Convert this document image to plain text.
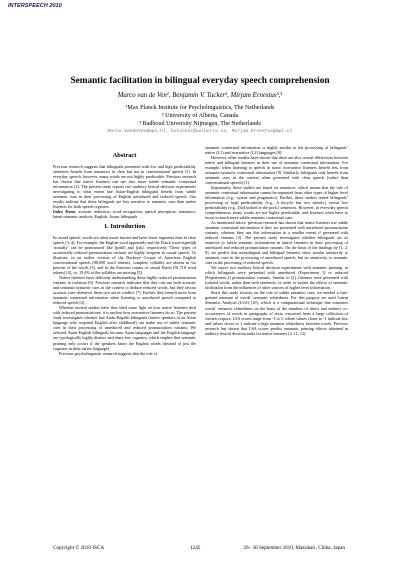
INTERSPEECH 2010
Semantic facilitation in bilingual everyday speech comprehension
Marco van de Ven¹, Benjamin V. Tucker², Mirjam Ernestus³,¹
¹Max Planck Institute for Psycholinguistics, The Netherlands
² University of Alberta, Canada
³ Radboud University Nijmegen, The Netherlands
Marco.VandeVen@mpi.nl, bvtucker@ualberta.ca, Mirjam.Ernestus@mpi.nl
Abstract

Previous research suggests that bilinguals presented with low and high predictability sentences benefit from semantics in clear but not in conversational speech [1]. In everyday speech, however, many words are not highly predictable. Previous research has shown that native listeners can use also more subtle semantic contextual information [2]. The present study reports two auditory lexical decision experiments investigating to what extent late Asian-English bilinguals benefit from subtle semantic cues in their processing of English unreduced and reduced speech. Our results indicate that these bilinguals are less sensitive to semantic cues than native listeners for both speech registers.

Index Terms: acoustic reduction, word recognition, speech perception, semantics, latent semantic analysis, English, Asian, bilinguals

1. Introduction

In casual speech, words are often much shorter and have fewer segments than in clear speech [3, 4]. For example, the English word apparently and the Dutch word eigenlijk ‘actually’ can be pronounced like [pɹ̩nli] and [ɛɪk], respectively. These types of acoustically reduced pronunciation variants are highly frequent in casual speech. To illustrate, in an earlier version of the Buckeye Corpus of American English conversational speech (88,000 word tokens), complete syllables are absent in six percent of the words [3], and in the Ernestus corpus of casual Dutch (91,718 word tokens) [4], ca. 19.4% of the syllables are missing [5].

Native listeners have difficulty understanding these highly reduced pronunciation variants in isolation [6]. Previous research indicates that they can use both acoustic and semantic/syntactic cues in the context to deduce reduced words, but they favour acoustic cues whenever these two are in conflict [7]. Further, they benefit more from semantic contextual information when listening to unreduced speech compared to reduced speech [2].

Whereas several studies have thus shed some light on how native listeners deal with reduced pronunciations, it is unclear how non-native listeners do so. The present study investigates whether late Asian-English bilinguals (native speakers of an Asian language who acquired English after childhood) can make use of subtle semantic cues in their processing of unreduced and reduced pronunciation variants. We selected Asian-English bilinguals because Asian languages and the English language are typologically highly distinct and share few cognates, which implies that semantic priming only occurs if the speakers know the English words (instead of just the cognates in their native language).

Previous psycholinguistic research suggests that the role of

semantic contextual information is highly similar in the processing of bilinguals’ native (L1) and non-native (L2) languages [8].

However, other studies have shown that there are also crucial differences between native and bilingual listeners in their use of semantic contextual information. For example, when listening to speech in noise, non-native listeners benefit less from semantic/syntactic contextual information [9]. Similarly, bilinguals only benefit from semantic cues in the context when presented with clear speech (rather than conversational speech) [1].

Importantly, these studies are based on sentences, which means that the role of semantic contextual information cannot be separated from other types of higher level information (e.g., syntax and pragmatics). Further, these studies tested bilinguals’ processing of high predictability (e.g., A bicycle has two wheels.) versus low predictability (e.g., Dad looked at the pork.) sentences. However, in everyday speech comprehension, many words are not highly predictable, and listeners often have to resort to much more subtle semantic contextual cues.

As mentioned above, previous research has shown that native listeners use subtle semantic contextual information if they are presented with unreduced pronunciation variants, whereas they use this information to a smaller extent if presented with reduced variants [2]. The present study investigates whether bilinguals are as sensitive to subtle semantic information as native listeners in their processing of unreduced and reduced pronunciation variants. On the basis of the findings by [1, 2, 9], we predict that monolingual and bilingual listeners show similar sensitivity to semantic cues in the processing of unreduced speech, but no sensitivity to semantic cues in the processing of reduced speech.

We report two auditory lexical decision experiments with semantic priming, in which bilinguals were presented with unreduced (Experiment 1) or reduced (Experiment 2) pronunciation variants. Similar to [2], listeners were presented with isolated words, rather than with sentences, in order to isolate the effects of semantic facilitation from the influences of other sources of higher level information.

Since this study focuses on the role of subtle semantic cues, we needed a fine-grained measure of words’ semantic relatedness. For this purpose we used Latent Semantic Analysis (LSA) [10], which is a computational technique that estimates words’ semantic relatedness on the basis of the numbers of direct and indirect co-occurrences of words in paragraphs of texts, extracted from a large collection of written corpora. LSA scores range from -1 to 1, where values closer to -1 indicate low and values closer to 1 indicate a high semantic relatedness between words. Previous research has shown that LSA scores predict semantic priming effects obtained in auditory lexical decision tasks for native listeners [2, 11, 12].

Copyright © 2010 ISCA	1245	26– 30 September 2010, Makuhari, Chiba, Japan
